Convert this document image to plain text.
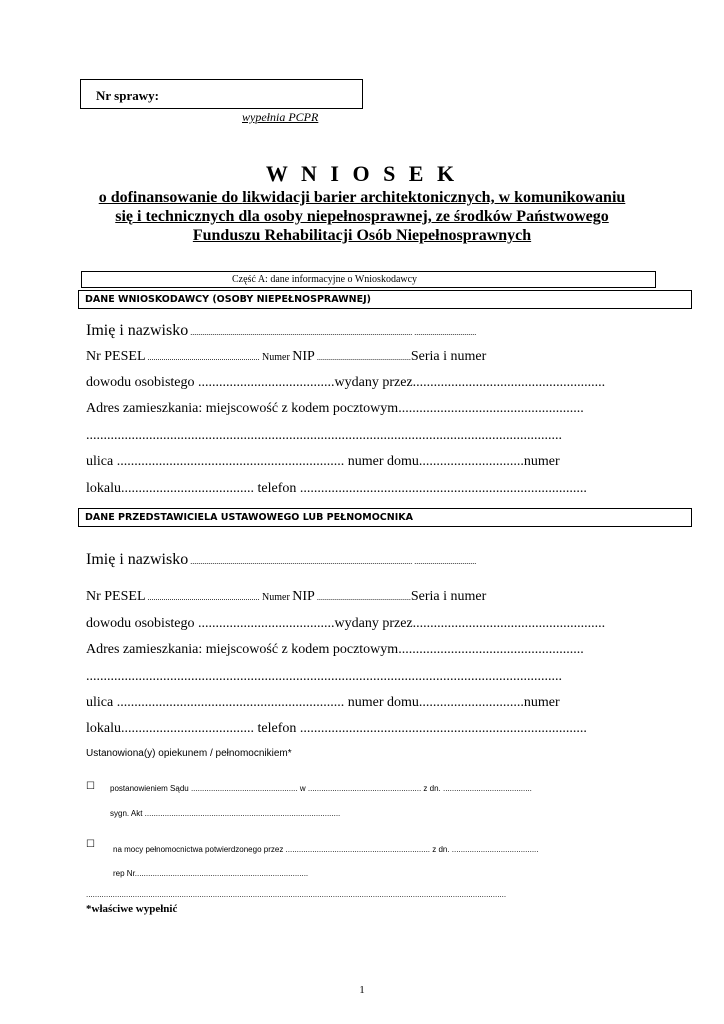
Nr sprawy:
wypełnia PCPR
W N I O S E K
o dofinansowanie do likwidacji barier architektonicznych, w komunikowaniu
się i technicznych dla osoby niepełnosprawnej, ze środków Państwowego
Funduszu Rehabilitacji Osób Niepełnosprawnych
Część A: dane informacyjne o Wnioskodawcy
DANE WNIOSKODAWCY (OSOBY NIEPEŁNOSPRAWNEJ)
Imię i nazwisko ............................................................................................................... ...............................
Nr PESEL ........................................................ Numer NIP ...............................................Seria i numer
dowodu osobistego .......................................wydany przez.......................................................
Adres zamieszkania: miejscowość z kodem pocztowym.....................................................
........................................................................................................................................
ulica ................................................................. numer domu..............................numer
lokalu...................................... telefon ..................................................................................
DANE PRZEDSTAWICIELA USTAWOWEGO LUB PEŁNOMOCNIKA
Imię i nazwisko ............................................................................................................... ...............................
Nr PESEL ........................................................ Numer NIP ...............................................Seria i numer
dowodu osobistego .......................................wydany przez.......................................................
Adres zamieszkania: miejscowość z kodem pocztowym.....................................................
........................................................................................................................................
ulica ................................................................. numer domu..............................numer
lokalu...................................... telefon ..................................................................................
Ustanowiona(y) opiekunem / pełnomocnikiem*
☐ postanowieniem Sądu ................................................ w ................................................... z dn. ........................................
sygn. Akt ........................................................................................
☐ na mocy pełnomocnictwa potwierdzonego przez ................................................................. z dn. .......................................
rep Nr..............................................................................
.............................................................................................................................................................................................
*właściwe wypełnić
1
